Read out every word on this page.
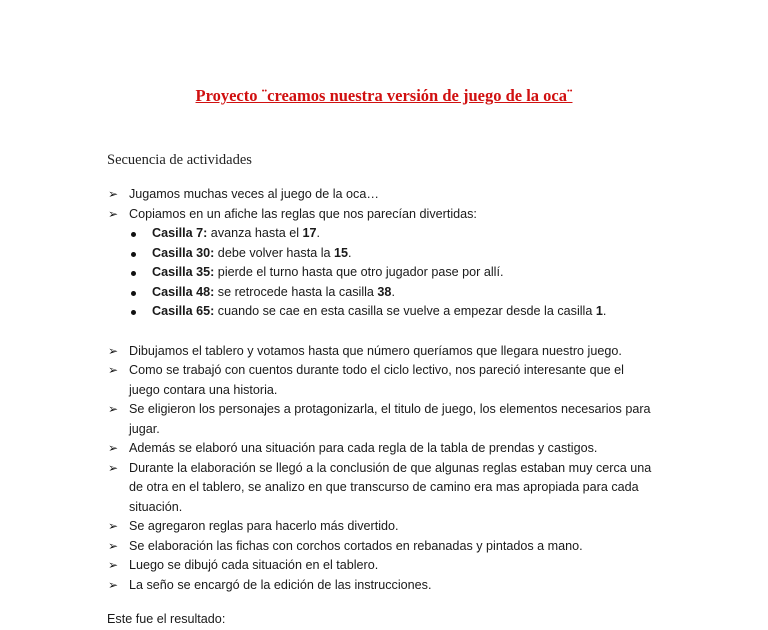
Proyecto ¨creamos nuestra versión de juego de la oca¨
Secuencia de actividades
➢ Jugamos muchas veces al juego de la oca…
➢ Copiamos en un afiche las reglas que nos parecían divertidas:
Casilla 7: avanza hasta el 17.
Casilla 30: debe volver hasta la 15.
Casilla 35: pierde el turno hasta que otro jugador pase por allí.
Casilla 48: se retrocede hasta la casilla 38.
Casilla 65: cuando se cae en esta casilla se vuelve a empezar desde la casilla 1.
➢ Dibujamos el tablero y votamos hasta que número queríamos que llegara nuestro juego.
➢ Como se trabajó con cuentos durante todo el ciclo lectivo, nos pareció interesante que el
juego contara una historia.
➢ Se eligieron los personajes a protagonizarla, el titulo de juego, los elementos necesarios para
jugar.
➢ Además se elaboró una situación para cada regla de la tabla de prendas y castigos.
➢ Durante la elaboración se llegó a la conclusión de que algunas reglas estaban muy cerca una
de otra en el tablero, se analizo en que transcurso de camino era mas apropiada para cada
situación.
➢ Se agregaron reglas para hacerlo más divertido.
➢ Se elaboración las fichas con corchos cortados en rebanadas y pintados a mano.
➢ Luego se dibujó cada situación en el tablero.
➢ La seño se encargó de la edición de las instrucciones.
Este fue el resultado:
